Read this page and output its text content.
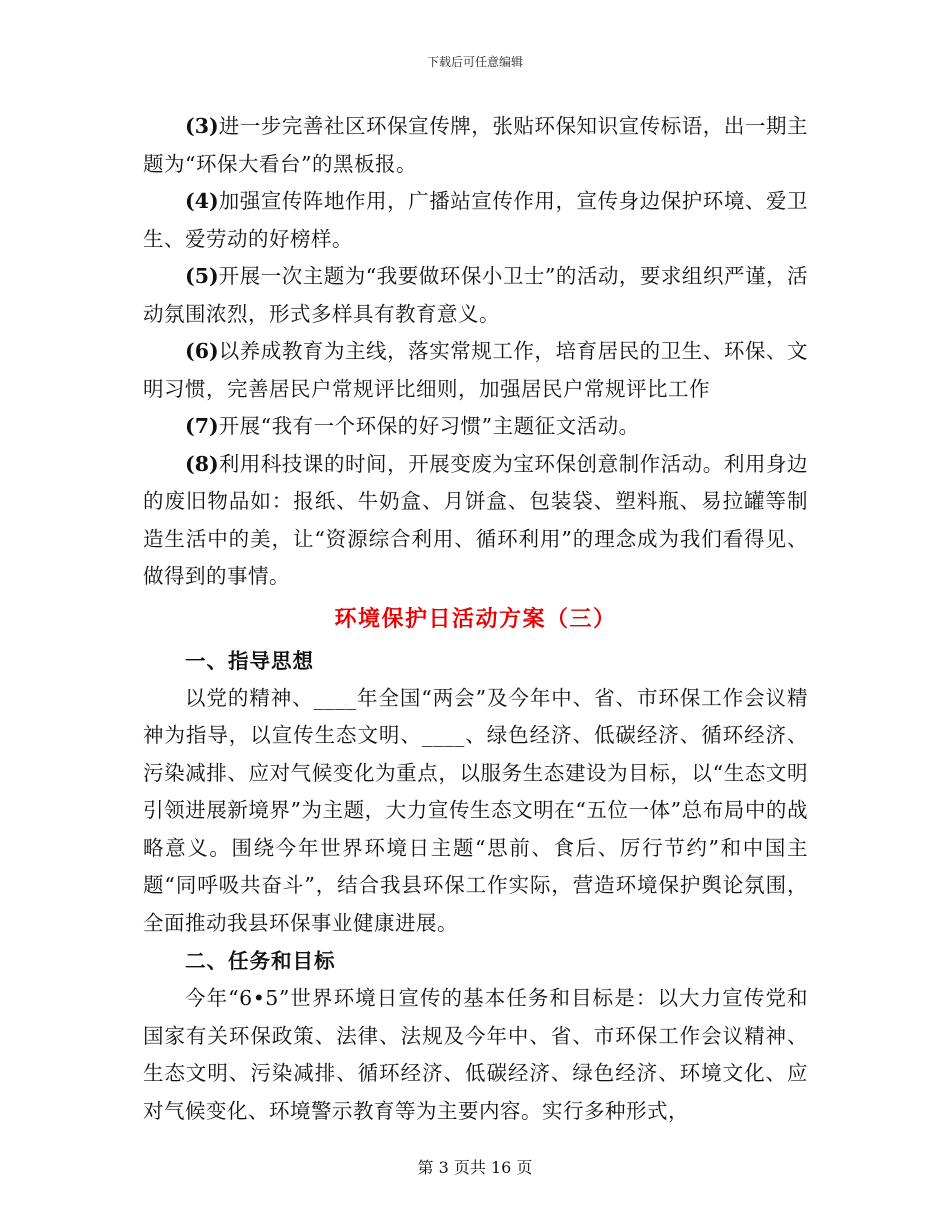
下载后可任意编辑

(3)进一步完善社区环保宣传牌，张贴环保知识宣传标语，出一期主题为“环保大看台”的黑板报。

(4)加强宣传阵地作用，广播站宣传作用，宣传身边保护环境、爱卫生、爱劳动的好榜样。

(5)开展一次主题为“我要做环保小卫士”的活动，要求组织严谨，活动氛围浓烈，形式多样具有教育意义。

(6)以养成教育为主线，落实常规工作，培育居民的卫生、环保、文明习惯，完善居民户常规评比细则，加强居民户常规评比工作

(7)开展“我有一个环保的好习惯”主题征文活动。

(8)利用科技课的时间，开展变废为宝环保创意制作活动。利用身边的废旧物品如：报纸、牛奶盒、月饼盒、包装袋、塑料瓶、易拉罐等制造生活中的美，让“资源综合利用、循环利用”的理念成为我们看得见、做得到的事情。

环境保护日活动方案（三）
一、指导思想

以党的精神、____年全国“两会”及今年中、省、市环保工作会议精神为指导，以宣传生态文明、____、绿色经济、低碳经济、循环经济、污染减排、应对气候变化为重点，以服务生态建设为目标，以“生态文明引领进展新境界”为主题，大力宣传生态文明在“五位一体”总布局中的战略意义。围绕今年世界环境日主题“思前、食后、厉行节约”和中国主题“同呼吸共奋斗”，结合我县环保工作实际，营造环境保护舆论氛围，全面推动我县环保事业健康进展。

二、任务和目标

今年“6•5”世界环境日宣传的基本任务和目标是：以大力宣传党和国家有关环保政策、法律、法规及今年中、省、市环保工作会议精神、生态文明、污染减排、循环经济、低碳经济、绿色经济、环境文化、应对气候变化、环境警示教育等为主要内容。实行多种形式，

第 3 页共 16 页
